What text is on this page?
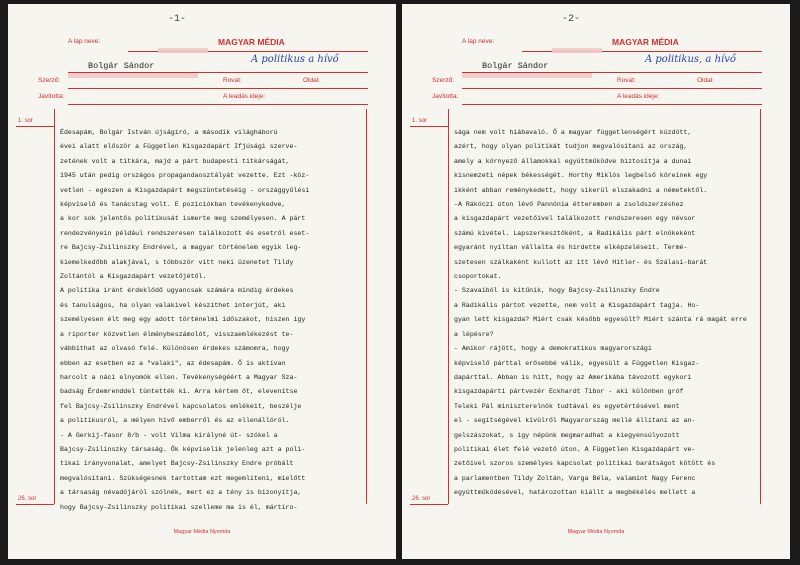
-1-
A lap neve:	MAGYAR MÉDIA
A politikus a hívő
Szerző:
Bolgár Sándor
Rovat:	Oldal:
Javította:	A leadás ideje:
1. sor
26. sor
Édesapám, Bolgár István újságíró, a második világháború
évei alatt először a Független Kisgazdapárt Ifjúsági szerve-
zetének volt a titkára, majd a párt budapesti titkárságát,
1945 után pedig országos propagandaosztályát vezette. Ezt -köz-
vetlen - egészen a Kisgazdapárt megszüntetéséig - országgyűlési
képviselő és tanácstag volt. E pozíciókban tevékenykedve,
a kor sok jelentős politikusát ismerte meg személyesen. A párt
rendezvényein például rendszeresen találkozott és esetről eset-
re Bajcsy-Zsilinszky Endrével, a magyar történelem egyik leg-
kiemelkedőbb alakjával, s többször vitt neki üzenetet Tildy
Zoltántól a Kisgazdapárt vezetőjétől.
A politika iránt érdeklődő ugyancsak számára mindig érdekes
és tanulságos, ha olyan valakivel készíthet interjút, aki
személyesen élt meg egy adott történelmi időszakot, hiszen így
a riporter közvetlen élménybeszámolót, visszaemlékezést te-
vábbíthat az olvasó felé. Különösen érdekes számomra, hogy
ebben az esetben ez a "valaki", az édesapám. Ő is aktívan
harcolt a náci elnyomók ellen. Tevékenységéért a Magyar Sza-
badság Érdemrenddel tüntették ki. Arra kértem őt, elevenítse
fel Bajcsy-Zsilinszky Endrével kapcsolatos emlékeit, beszélje
a politikusról, a mélyen hívő emberről és az ellenállóról.
- A Gerkij-fasor 8/b - volt Vilma királyné út- szókel a
Bajcsy-Zsilinszky társaság. Ők képviselik jelenleg azt a poli-
tikai irányvonalat, amelyet Bajcsy-Zsilinszky Endre próbált
megvalósítani. Szükségesnek tartottam ezt megemlíteni, mielőtt
a társaság névadójáról szólnék, mert ez a tény is bizonyítja,
hogy Bajcsy-Zsilinszky politikai szelleme ma is él, mártíro-
Magyar Média Nyomda
-2-
A lap neve:	MAGYAR MÉDIA
A politikus, a hívő
Szerző:
Bolgár Sándor
Rovat:	Oldal:
Javította:	A leadás ideje:
1. sor
26. sor
sága nem volt hiábavaló. Ő a magyar függetlenségért küzdött,
azért, hogy olyan politikát tudjon megvalósítani az ország,
amely a környező államokkal együttműködve biztosítja a dunai
kisnemzeti népek békességét. Horthy Miklós legbelső köreinek egy
ikként abban reménykedett, hogy sikerül elszakadni a németektől.
-A Rákóczi úton lévő Pannónia étteremben a zsoldszerzéshez
a kisgazdapárt vezetőivel találkozott rendszeresen egy névsor
számú kivétel. Lapszerkesztőként, a Radikális párt elnökeként
egyaránt nyíltan vállalta és hirdette elképzeléseit. Termé-
szetesen szálkaként kullott az itt lévő Hitler- és Szálasi-barát
csoportokat.
- Szavaiból is kitűnik, hogy Bajcsy-Zsilinszky Endre
a Radikális pártot vezette, nem volt a Kisgazdapárt tagja. Ho-
gyan lett kisgazda? Miért csak később egyesült? Miért szánta rá magát erre
a lépésre?
- Amikor rájött, hogy a demokratikus magyarországi
képviselő párttal erősebbé válik, egyesült a Független Kisgaz-
dapárttal. Abban is hitt, hogy az Amerikába távozott egykori
kisgazdapárti pártvezér Eckhardt Tibor - aki különben gróf
Teleki Pál miniszterelnök tudtával és egyetértésével ment
el - segítségével kívülről Magyarország mellé állítani az an-
gelszászokat, s így népünk megmaradhat a kiegyensúlyozott
politikai élet felé vezető úton. A Független Kisgazdapárt ve-
zetőivel szoros személyes kapcsolat politikai barátságot kötött és
a parlamentben Tildy Zoltán, Varga Béla, valamint Nagy Ferenc
együttműködésével, határozottan kiállt a megbékélés mellett a
Magyar Média Nyomda
